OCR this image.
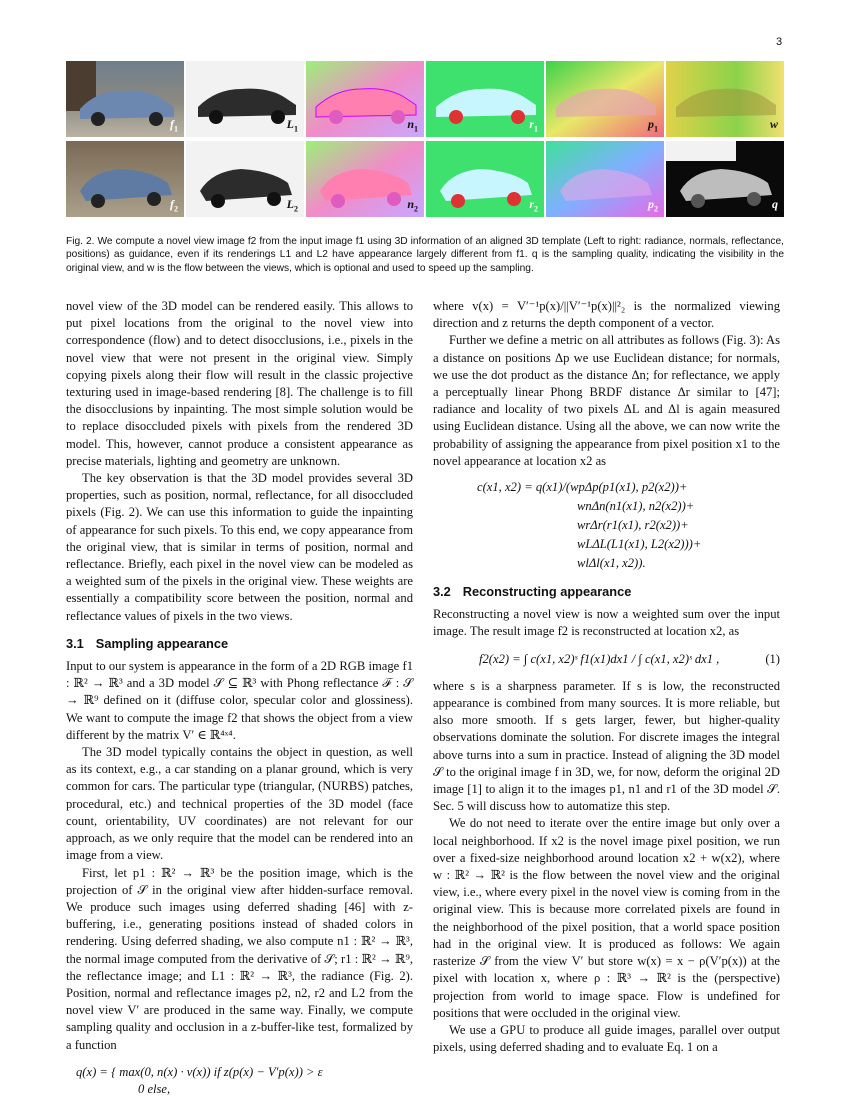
3
$f_1$	$L_1$	$n_1$	$r_1$	$p_1$	w
$f_2$	$L_2$	$n_2$	$r_2$	$p_2$	q
Fig. 2. We compute a novel view image f2 from the input image f1 using 3D information of an aligned 3D template (Left to right: radiance, normals, reflectance, positions) as guidance, even if its renderings L1 and L2 have appearance largely different from f1. q is the sampling quality, indicating the visibility in the original view, and w is the flow between the views, which is optional and used to speed up the sampling.

novel view of the 3D model can be rendered easily. This allows to put pixel locations from the original to the novel view into correspondence (flow) and to detect disocclusions, i.e., pixels in the novel view that were not present in the original view. Simply copying pixels along their flow will result in the classic projective texturing used in image-based rendering [8]. The challenge is to fill the disocclusions by inpainting. The most simple solution would be to replace disoccluded pixels with pixels from the rendered 3D model. This, however, cannot produce a consistent appearance as precise materials, lighting and geometry are unknown.

The key observation is that the 3D model provides several 3D properties, such as position, normal, reflectance, for all disoccluded pixels (Fig. 2). We can use this information to guide the inpainting of appearance for such pixels. To this end, we copy appearance from the original view, that is similar in terms of position, normal and reflectance. Briefly, each pixel in the novel view can be modeled as a weighted sum of the pixels in the original view. These weights are essentially a compatibility score between the position, normal and reflectance values of pixels in the two views.

3.1 Sampling appearance

Input to our system is appearance in the form of a 2D RGB image f1 : ℝ² → ℝ³ and a 3D model 𝒮 ⊆ ℝ³ with Phong reflectance ℱ : 𝒮 → ℝ⁹ defined on it (diffuse color, specular color and glossiness). We want to compute the image f2 that shows the object from a view different by the matrix V′ ∈ ℝ⁴ˣ⁴.

The 3D model typically contains the object in question, as well as its context, e.g., a car standing on a planar ground, which is very common for cars. The particular type (triangular, (NURBS) patches, procedural, etc.) and technical properties of the 3D model (face count, orientability, UV coordinates) are not relevant for our approach, as we only require that the model can be rendered into an image from a view.

First, let p1 : ℝ² → ℝ³ be the position image, which is the projection of 𝒮 in the original view after hidden-surface removal. We produce such images using deferred shading [46] with z-buffering, i.e., generating positions instead of shaded colors in rendering. Using deferred shading, we also compute n1 : ℝ² → ℝ³, the normal image computed from the derivative of 𝒮; r1 : ℝ² → ℝ⁹, the reflectance image; and L1 : ℝ² → ℝ³, the radiance (Fig. 2). Position, normal and reflectance images p2, n2, r2 and L2 from the novel view V′ are produced in the same way. Finally, we compute sampling quality and occlusion in a z-buffer-like test, formalized by a function

q(x) = { max(0, n(x) · v(x)) if z(p(x) − V′p(x)) > ε
0 else,

where v(x) = V′⁻¹p(x)/||V′⁻¹p(x)||²₂ is the normalized viewing direction and z returns the depth component of a vector.

Further we define a metric on all attributes as follows (Fig. 3): As a distance on positions Δp we use Euclidean distance; for normals, we use the dot product as the distance Δn; for reflectance, we apply a perceptually linear Phong BRDF distance Δr similar to [47]; radiance and locality of two pixels ΔL and Δl is again measured using Euclidean distance. Using all the above, we can now write the probability of assigning the appearance from pixel position x1 to the novel appearance at location x2 as

c(x1, x2) = q(x1)/(wpΔp(p1(x1), p2(x2))+
wnΔn(n1(x1), n2(x2))+
wrΔr(r1(x1), r2(x2))+
wLΔL(L1(x1), L2(x2)))+
wlΔl(x1, x2)).
3.2 Reconstructing appearance

Reconstructing a novel view is now a weighted sum over the input image. The result image f2 is reconstructed at location x2, as

f2(x2) = ∫ c(x1, x2)ˢ f1(x1)dx1 / ∫ c(x1, x2)ˢ dx1 ,	(1)

where s is a sharpness parameter. If s is low, the reconstructed appearance is combined from many sources. It is more reliable, but also more smooth. If s gets larger, fewer, but higher-quality observations dominate the solution. For discrete images the integral above turns into a sum in practice. Instead of aligning the 3D model 𝒮 to the original image f in 3D, we, for now, deform the original 2D image [1] to align it to the images p1, n1 and r1 of the 3D model 𝒮. Sec. 5 will discuss how to automatize this step.

We do not need to iterate over the entire image but only over a local neighborhood. If x2 is the novel image pixel position, we run over a fixed-size neighborhood around location x2 + w(x2), where w : ℝ² → ℝ² is the flow between the novel view and the original view, i.e., where every pixel in the novel view is coming from in the original view. This is because more correlated pixels are found in the neighborhood of the pixel position, that a world space position had in the original view. It is produced as follows: We again rasterize 𝒮 from the view V′ but store w(x) = x − ρ(V′p(x)) at the pixel with location x, where ρ : ℝ³ → ℝ² is the (perspective) projection from world to image space. Flow is undefined for positions that were occluded in the original view.

We use a GPU to produce all guide images, parallel over output pixels, using deferred shading and to evaluate Eq. 1 on a
